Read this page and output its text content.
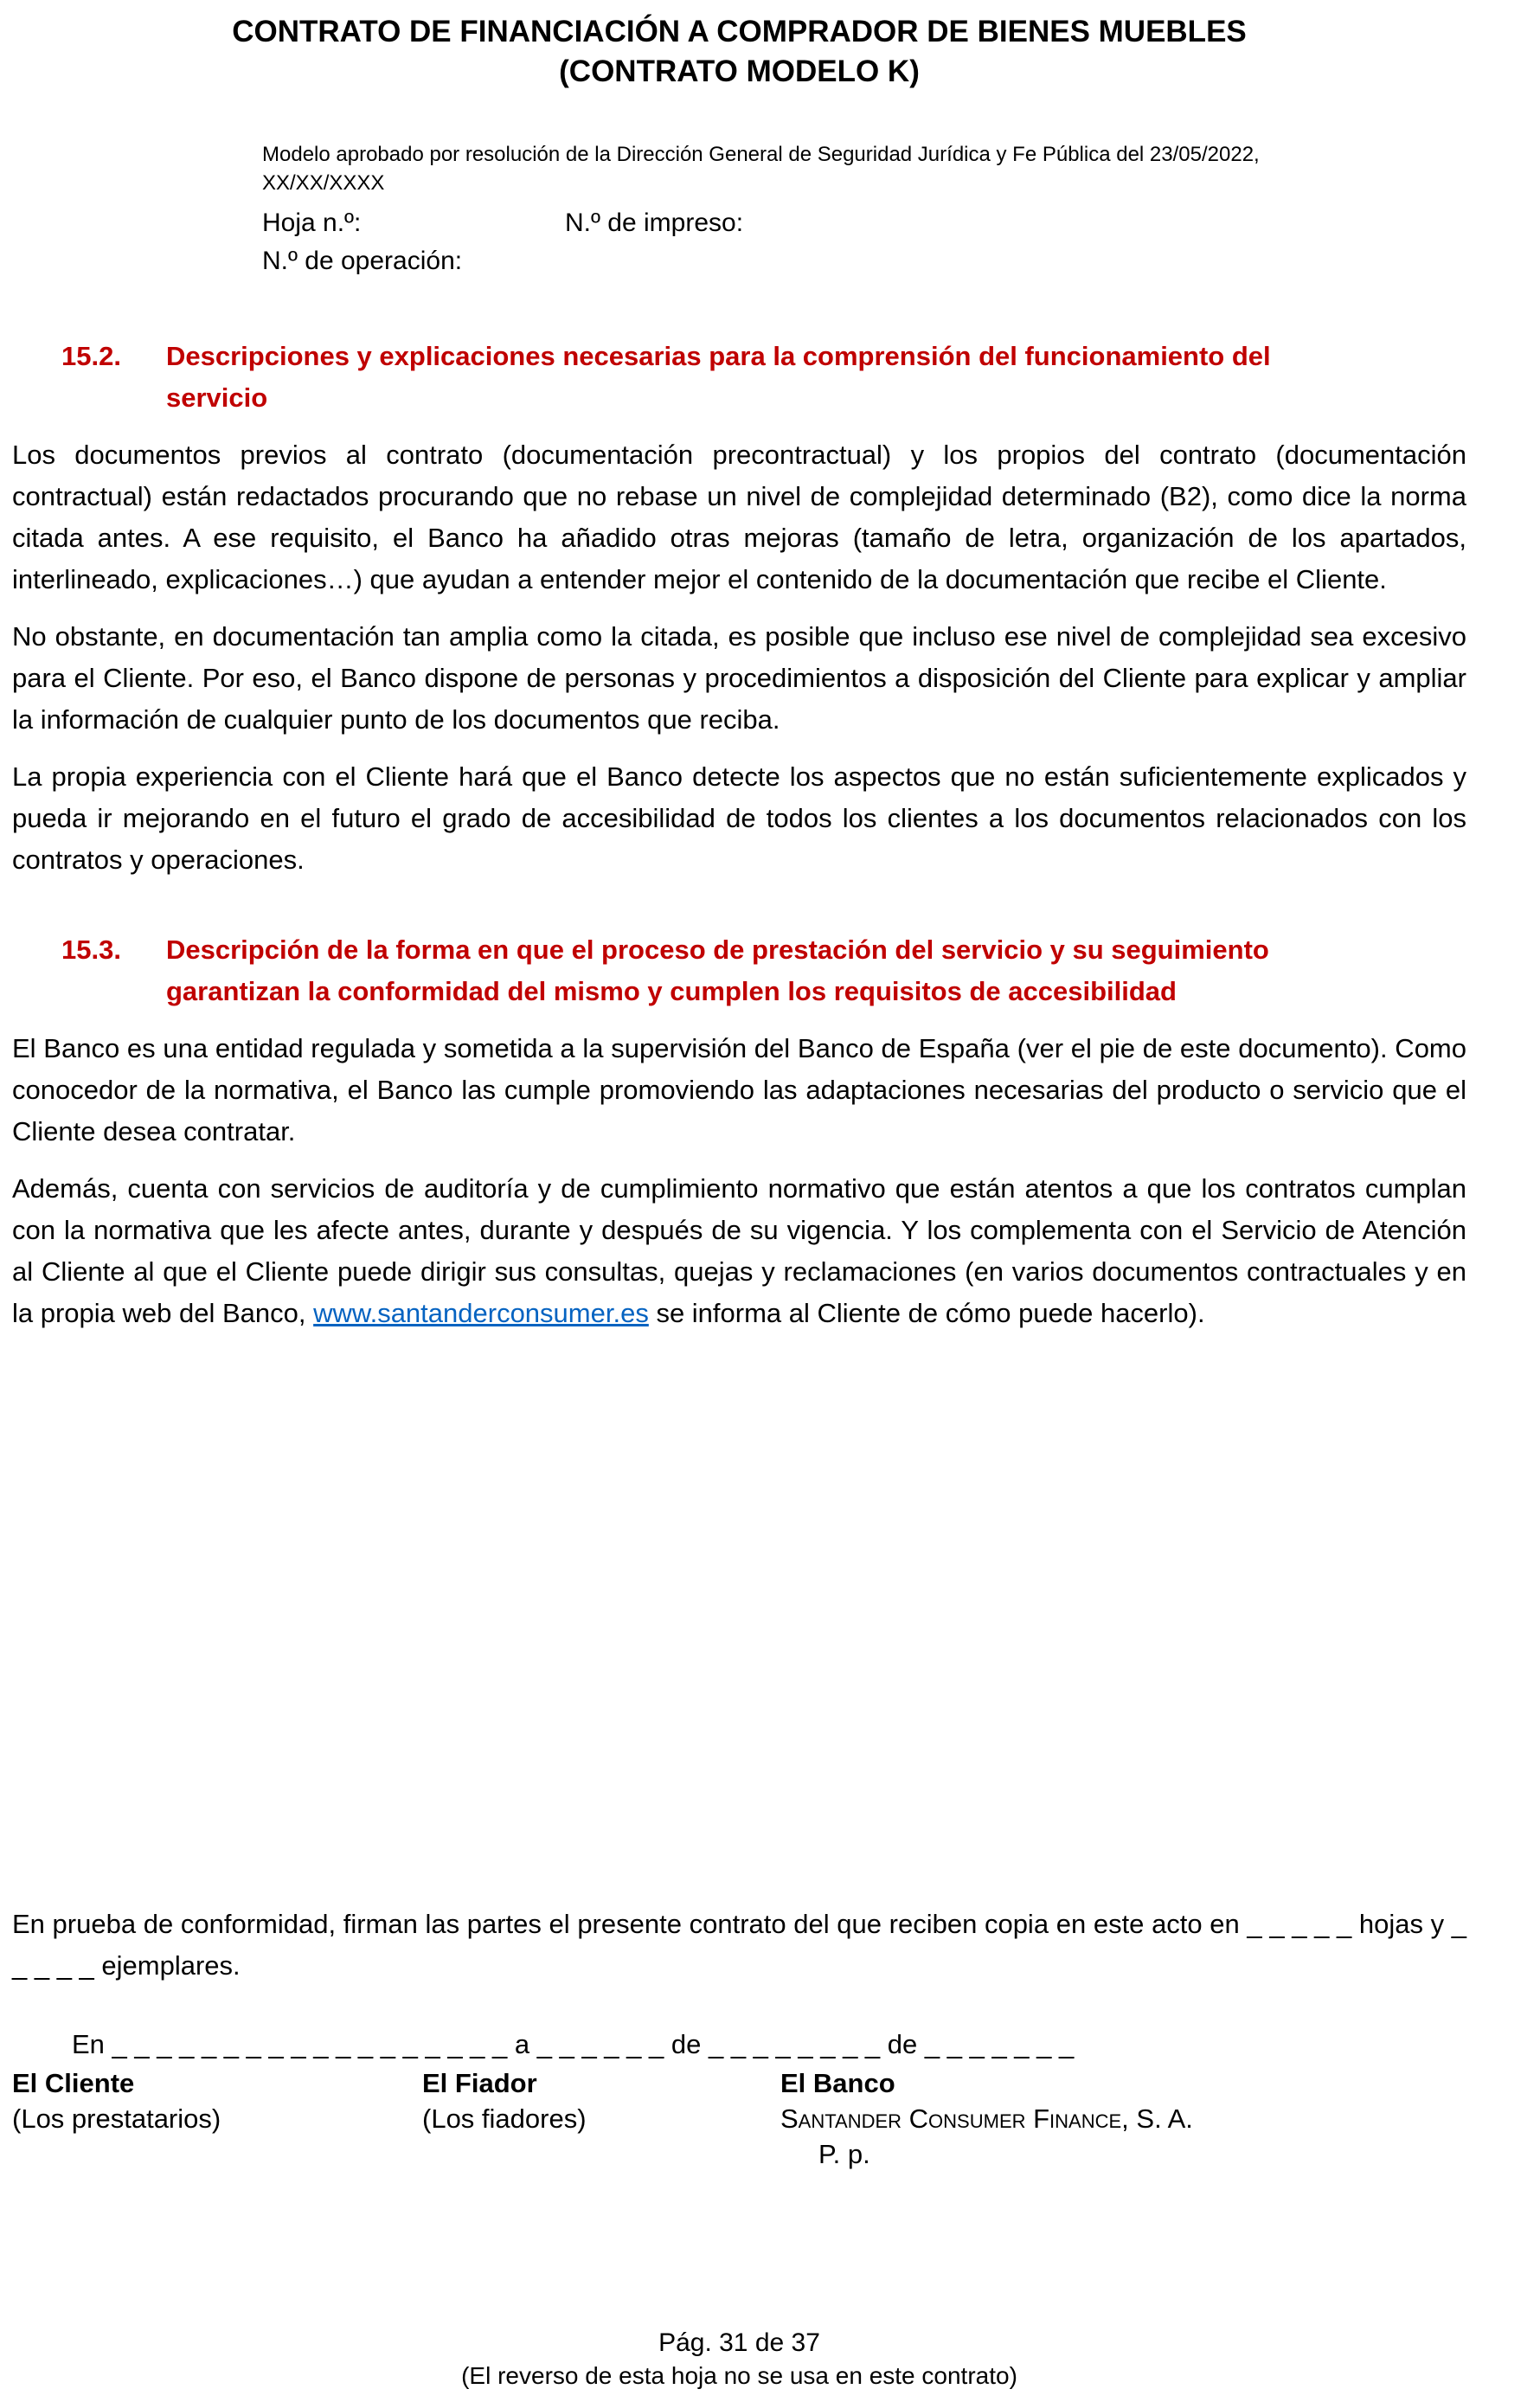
CONTRATO DE FINANCIACIÓN A COMPRADOR DE BIENES MUEBLES
(CONTRATO MODELO K)
Modelo aprobado por resolución de la Dirección General de Seguridad Jurídica y Fe Pública del 23/05/2022,
XX/XX/XXXX
Hoja n.º:	N.º de impreso:
N.º de operación:
15.2.	Descripciones y explicaciones necesarias para la comprensión del funcionamiento del servicio

Los documentos previos al contrato (documentación precontractual) y los propios del contrato (documentación contractual) están redactados procurando que no rebase un nivel de complejidad determinado (B2), como dice la norma citada antes. A ese requisito, el Banco ha añadido otras mejoras (tamaño de letra, organización de los apartados, interlineado, explicaciones…) que ayudan a entender mejor el contenido de la documentación que recibe el Cliente.

No obstante, en documentación tan amplia como la citada, es posible que incluso ese nivel de complejidad sea excesivo para el Cliente. Por eso, el Banco dispone de personas y procedimientos a disposición del Cliente para explicar y ampliar la información de cualquier punto de los documentos que reciba.

La propia experiencia con el Cliente hará que el Banco detecte los aspectos que no están suficientemente explicados y pueda ir mejorando en el futuro el grado de accesibilidad de todos los clientes a los documentos relacionados con los contratos y operaciones.

15.3.	Descripción de la forma en que el proceso de prestación del servicio y su seguimiento garantizan la conformidad del mismo y cumplen los requisitos de accesibilidad

El Banco es una entidad regulada y sometida a la supervisión del Banco de España (ver el pie de este documento). Como conocedor de la normativa, el Banco las cumple promoviendo las adaptaciones necesarias del producto o servicio que el Cliente desea contratar.

Además, cuenta con servicios de auditoría y de cumplimiento normativo que están atentos a que los contratos cumplan con la normativa que les afecte antes, durante y después de su vigencia. Y los complementa con el Servicio de Atención al Cliente al que el Cliente puede dirigir sus consultas, quejas y reclamaciones (en varios documentos contractuales y en la propia web del Banco, www.santanderconsumer.es se informa al Cliente de cómo puede hacerlo).

En prueba de conformidad, firman las partes el presente contrato del que reciben copia en este acto en _ _ _ _ _ hojas y _ _ _ _ _ ejemplares.

En _ _ _ _ _ _ _ _ _ _ _ _ _ _ _ _ _ _ a _ _ _ _ _ _ de _ _ _ _ _ _ _ _ de _ _ _ _ _ _ _
El Cliente
(Los prestatarios)
El Fiador
(Los fiadores)
El Banco
Santander Consumer Finance, S. A.
P. p.
Pág. 31 de 37
(El reverso de esta hoja no se usa en este contrato)
